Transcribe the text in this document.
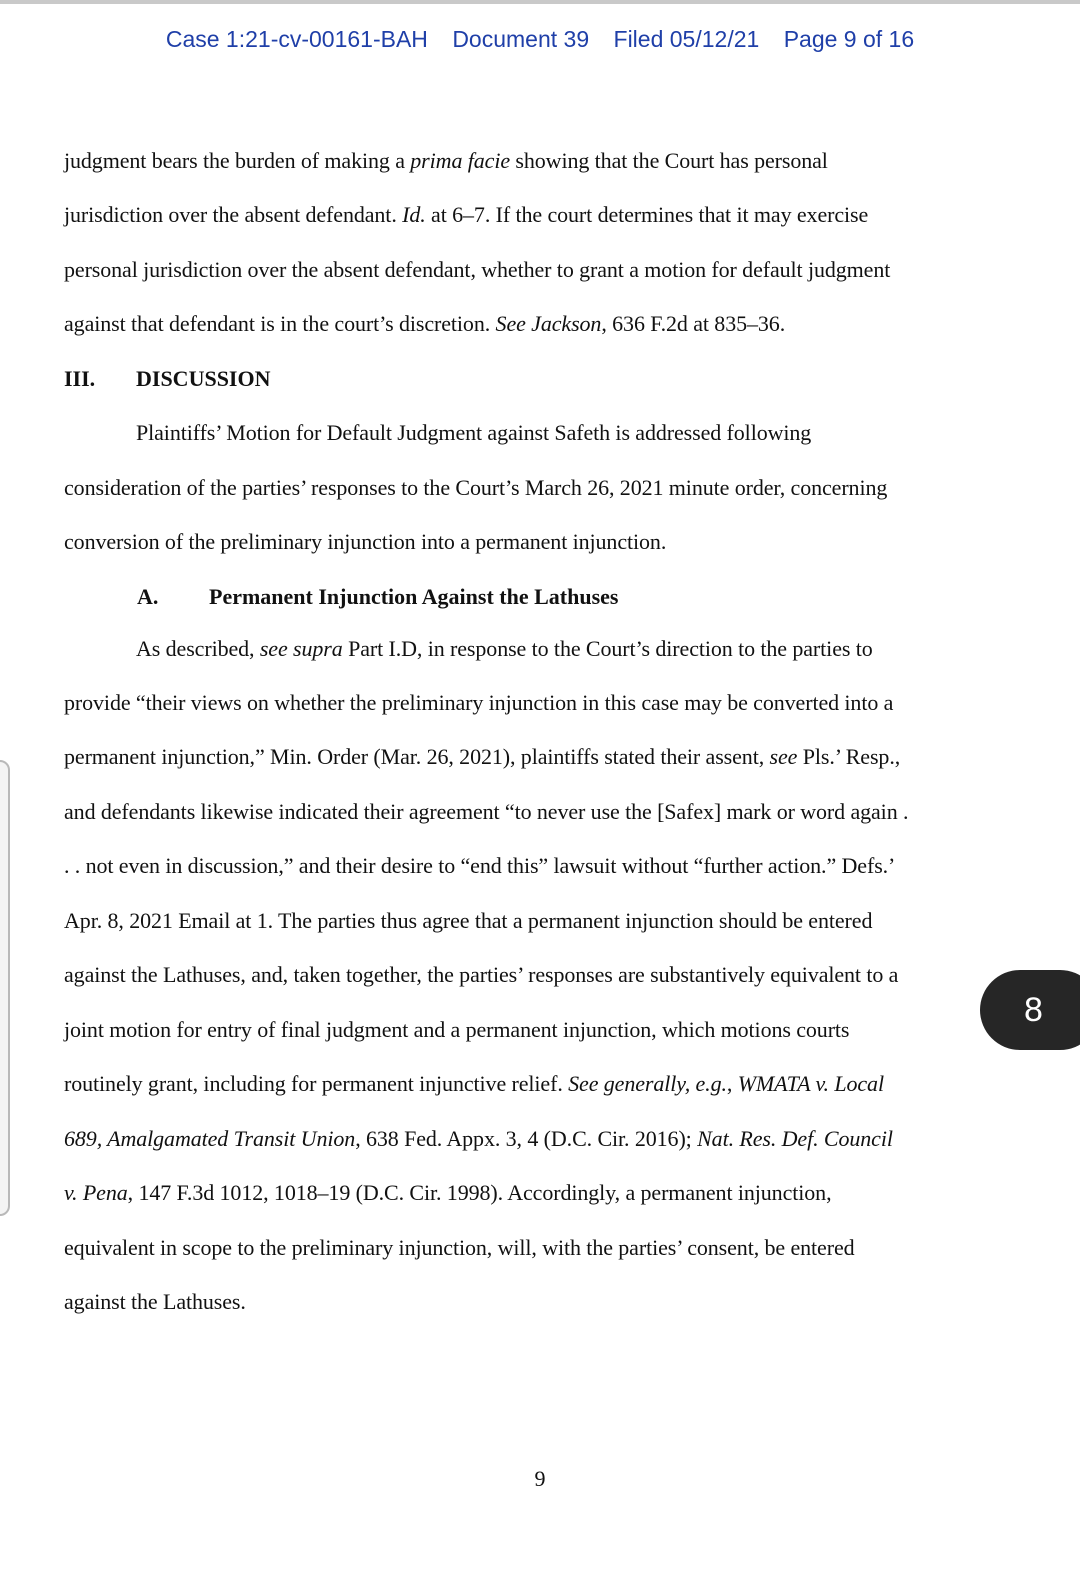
Case 1:21-cv-00161-BAH Document 39 Filed 05/12/21 Page 9 of 16
judgment bears the burden of making a prima facie showing that the Court has personal
jurisdiction over the absent defendant. Id. at 6–7. If the court determines that it may exercise
personal jurisdiction over the absent defendant, whether to grant a motion for default judgment
against that defendant is in the court’s discretion. See Jackson, 636 F.2d at 835–36.
III. DISCUSSION
Plaintiffs’ Motion for Default Judgment against Safeth is addressed following
consideration of the parties’ responses to the Court’s March 26, 2021 minute order, concerning
conversion of the preliminary injunction into a permanent injunction.
A. Permanent Injunction Against the Lathuses
As described, see supra Part I.D, in response to the Court’s direction to the parties to
provide “their views on whether the preliminary injunction in this case may be converted into a
permanent injunction,” Min. Order (Mar. 26, 2021), plaintiffs stated their assent, see Pls.’ Resp.,
and defendants likewise indicated their agreement “to never use the [Safex] mark or word again .
. . not even in discussion,” and their desire to “end this” lawsuit without “further action.” Defs.’
Apr. 8, 2021 Email at 1. The parties thus agree that a permanent injunction should be entered
against the Lathuses, and, taken together, the parties’ responses are substantively equivalent to a
joint motion for entry of final judgment and a permanent injunction, which motions courts
routinely grant, including for permanent injunctive relief. See generally, e.g., WMATA v. Local
689, Amalgamated Transit Union, 638 Fed. Appx. 3, 4 (D.C. Cir. 2016); Nat. Res. Def. Council
v. Pena, 147 F.3d 1012, 1018–19 (D.C. Cir. 1998). Accordingly, a permanent injunction,
equivalent in scope to the preliminary injunction, will, with the parties’ consent, be entered
against the Lathuses.
9
8
